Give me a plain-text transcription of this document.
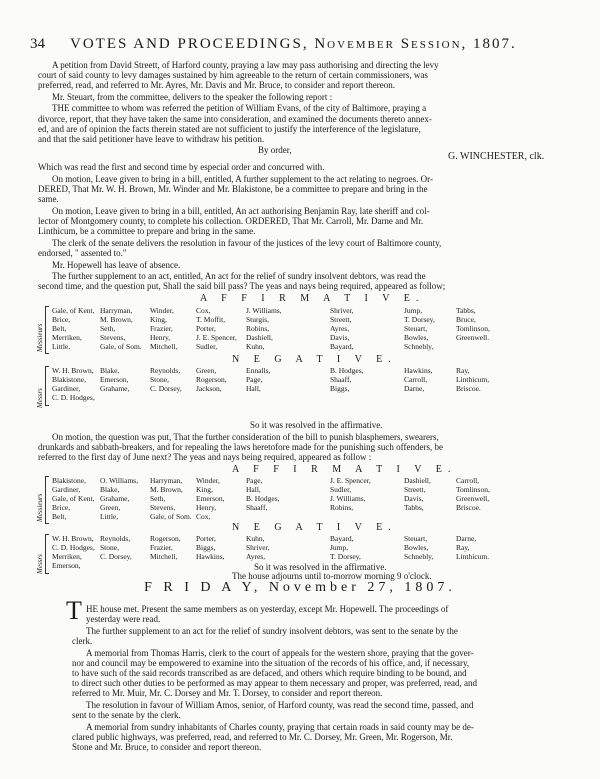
34 VOTES AND PROCEEDINGS, November Session, 1807.
A petition from David Streett, of Harford county, praying a law may pass authorising and directing the levy
court of said county to levy damages sustained by him agreeable to the return of certain commissioners, was
preferred, read, and referred to Mr. Ayres, Mr. Davis and Mr. Bruce, to consider and report thereon.
Mr. Steuart, from the committee, delivers to the speaker the following report :
THE committee to whom was referred the petition of William Evans, of the city of Baltimore, praying a
divorce, report, that they have taken the same into consideration, and examined the documents thereto annex-
ed, and are of opinion the facts therein stated are not sufficient to justify the interference of the legislature,
and that the said petitioner have leave to withdraw his petition.
By order,
G. WINCHESTER, clk.
Which was read the first and second time by especial order and concurred with.
On motion, Leave given to bring in a bill, entitled, A further supplement to the act relating to negroes. Or-
DERED, That Mr. W. H. Brown, Mr. Winder and Mr. Blakistone, be a committee to prepare and bring in the
same.
On motion, Leave given to bring in a bill, entitled, An act authorising Benjamin Ray, late sheriff and col-
lector of Montgomery county, to complete his collection. ORDERED, That Mr. Carroll, Mr. Darne and Mr.
Linthicum, be a committee to prepare and bring in the same.
The clerk of the senate delivers the resolution in favour of the justices of the levy court of Baltimore county,
endorsed, " assented to."
Mr. Hopewell has leave of absence.
The further supplement to an act, entitled, An act for the relief of sundry insolvent debtors, was read the
second time, and the question put, Shall the said bill pass? The yeas and nays being required, appeared as follow;
A F F I R M A T I V E.
Messieurs
Gale, of Kent,
Brice,
Belt,
Merriken,
Little,
Harryman,
M. Brown,
Seth,
Stevens,
Gale, of Som.
Winder,
King,
Frazier,
Henry,
Mitchell,
Cox,
T. Moffit,
Porter,
J. E. Spencer,
Sudler,
J. Williams,
Sturgis,
Robins,
Dashiell,
Kuhn,
Shriver,
Streett,
Ayres,
Davis,
Bayard,
Jump,
T. Dorsey,
Steuart,
Bowles,
Schnebly,
Tabbs,
Bruce,
Tomlinson,
Greenwell.
N E G A T I V E.
Messrs
W. H. Brown,
Blakistone,
Gardiner,
C. D. Hodges,
Blake,
Emerson,
Grahame,
Reynolds,
Stone,
C. Dorsey,
Green,
Rogerson,
Jackson,
Ennalls,
Page,
Hall,
B. Hodges,
Shaaff,
Biggs,
Hawkins,
Carroll,
Darne,
Ray,
Linthicum,
Briscoe.
So it was resolved in the affirmative.
On motion, the question was put, That the further consideration of the bill to punish blasphemers, swearers,
drunkards and sabbath-breakers, and for repealing the laws heretofore made for the punishing such offenders, be
referred to the first day of June next? The yeas and nays being required, appeared as follow :
A F F I R M A T I V E.
Messieurs
Blakistone,
Gardiner,
Gale, of Kent,
Brice,
Belt,
O. Williams,
Blake,
Grahame,
Green,
Little,
Harryman,
M. Brown,
Seth,
Stevens,
Gale, of Som.
Winder,
King,
Emerson,
Henry,
Cox,
Page,
Hall,
B. Hodges,
Shaaff,
J. E. Spencer,
Sudler,
J. Williams,
Robins,
Dashiell,
Streett,
Davis,
Tabbs,
Carroll,
Tomlinson,
Greenwell,
Briscoe.
N E G A T I V E.
Messrs
W. H. Brown,
C. D. Hodges,
Merriken,
Emerson,
Reynolds,
Stone,
C. Dorsey,
Rogerson,
Frazier,
Mitchell,
Porter,
Biggs,
Hawkins,
Kuhn,
Shriver,
Ayres,
Bayard,
Jump,
T. Dorsey,
Steuart,
Bowles,
Schnebly,
Darne,
Ray,
Linthicum.
So it was resolved in the affirmative.
The house adjourns until to-morrow morning 9 o'clock.
F R I D A Y, November 27, 1807.
T HE house met. Present the same members as on yesterday, except Mr. Hopewell. The proceedings of
yesterday were read.
The further supplement to an act for the relief of sundry insolvent debtors, was sent to the senate by the
clerk.
A memorial from Thomas Harris, clerk to the court of appeals for the western shore, praying that the gover-
nor and council may be empowered to examine into the situation of the records of his office, and, if necessary,
to have such of the said records transcribed as are defaced, and others which require binding to be bound, and
to direct such other duties to be performed as may appear to them necessary and proper, was preferred, read, and
referred to Mr. Muir, Mr. C. Dorsey and Mr. T. Dorsey, to consider and report thereon.
The resolution in favour of William Amos, senior, of Harford county, was read the second time, passed, and
sent to the senate by the clerk.
A memorial from sundry inhabitants of Charles county, praying that certain roads in said county may be de-
clared public highways, was preferred, read, and referred to Mr. C. Dorsey, Mr. Green, Mr. Rogerson, Mr.
Stone and Mr. Bruce, to consider and report thereon.
